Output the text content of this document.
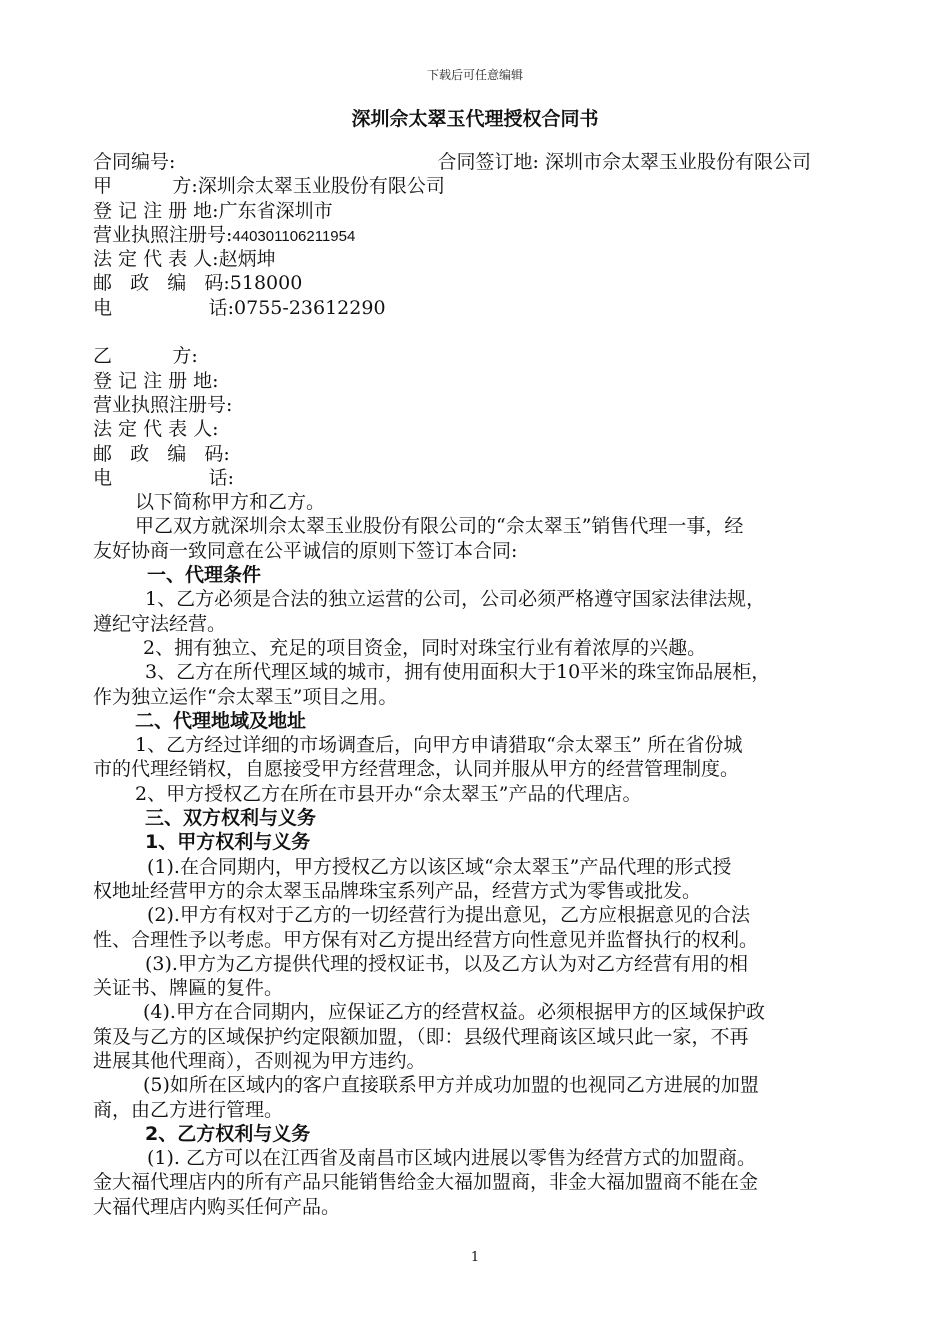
下载后可任意编辑
深圳佘太翠玉代理授权合同书
合同编号:	合同签订地: 深圳市佘太翠玉业股份有限公司
甲          方:深圳佘太翠玉业股份有限公司
登 记 注 册 地:广东省深圳市
营业执照注册号:440301106211954
法 定 代 表 人:赵炳坤
邮   政   编   码:518000
电                话:0755-23612290
乙          方:
登 记 注 册 地:
营业执照注册号:
法 定 代 表 人:
邮   政   编   码:
电                话:
以下简称甲方和乙方。
甲乙双方就深圳佘太翠玉业股份有限公司的“佘太翠玉”销售代理一事，经
友好协商一致同意在公平诚信的原则下签订本合同:
一、代理条件
1、乙方必须是合法的独立运营的公司，公司必须严格遵守国家法律法规，
遵纪守法经营。
2、拥有独立、充足的项目资金，同时对珠宝行业有着浓厚的兴趣。
3、乙方在所代理区域的城市，拥有使用面积大于10平米的珠宝饰品展柜，
作为独立运作“佘太翠玉”项目之用。
二、代理地域及地址
1、乙方经过详细的市场调查后，向甲方申请猎取“佘太翠玉” 所在省份城
市的代理经销权，自愿接受甲方经营理念，认同并服从甲方的经营管理制度。
2、甲方授权乙方在所在市县开办“佘太翠玉”产品的代理店。
三、双方权利与义务
1、甲方权利与义务
(1).在合同期内，甲方授权乙方以该区域“佘太翠玉”产品代理的形式授
权地址经营甲方的佘太翠玉品牌珠宝系列产品，经营方式为零售或批发。
(2).甲方有权对于乙方的一切经营行为提出意见，乙方应根据意见的合法
性、合理性予以考虑。甲方保有对乙方提出经营方向性意见并监督执行的权利。
(3).甲方为乙方提供代理的授权证书，以及乙方认为对乙方经营有用的相
关证书、牌匾的复件。
(4).甲方在合同期内，应保证乙方的经营权益。必须根据甲方的区域保护政
策及与乙方的区域保护约定限额加盟，（即：县级代理商该区域只此一家，不再
进展其他代理商），否则视为甲方违约。
(5)如所在区域内的客户直接联系甲方并成功加盟的也视同乙方进展的加盟
商，由乙方进行管理。
2、乙方权利与义务
(1). 乙方可以在江西省及南昌市区域内进展以零售为经营方式的加盟商。
金大福代理店内的所有产品只能销售给金大福加盟商，非金大福加盟商不能在金
大福代理店内购买任何产品。
1
